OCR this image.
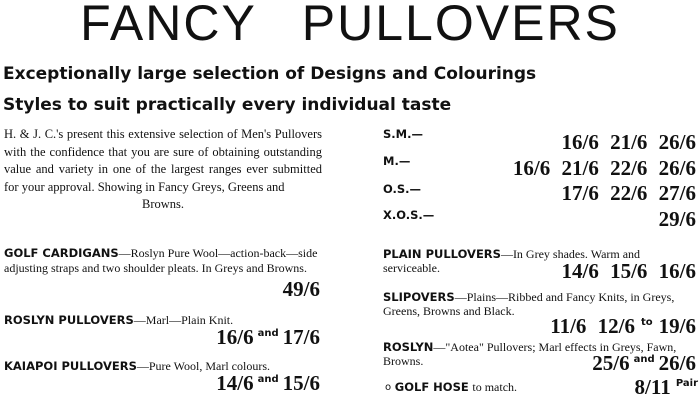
FANCY PULLOVERS
Exceptionally large selection of Designs and Colourings
Styles to suit practically every individual taste
H. & J. C.'s present this extensive selection of Men's Pullovers with the confidence that you are sure of obtaining outstanding value and variety in one of the largest ranges ever submitted for your approval. Showing in Fancy Greys, Greens and
Browns.
GOLF CARDIGANS—Roslyn Pure Wool—action-back—side adjusting straps and two shoulder pleats. In Greys and Browns.
49/6
ROSLYN PULLOVERS—Marl—Plain Knit.
16/6 $^{and}$ 17/6
KAIAPOI PULLOVERS—Pure Wool, Marl colours.
14/6 $^{and}$ 15/6
S.M.—	16/6 21/6 26/6
M.—	16/6 21/6 22/6 26/6
O.S.—	17/6 22/6 27/6
X.O.S.—	29/6
PLAIN PULLOVERS—In Grey shades. Warm and serviceable.	14/6 15/6 16/6
SLIPOVERS—Plains—Ribbed and Fancy Knits, in Greys, Greens, Browns and Black.
11/6 12/6 $^{to}$ 19/6
ROSLYN—"Aotea" Pullovers; Marl effects in Greys, Fawn, Browns.	25/6 $^{and}$ 26/6
o GOLF HOSE to match.	8/11 $^{Pair}$
